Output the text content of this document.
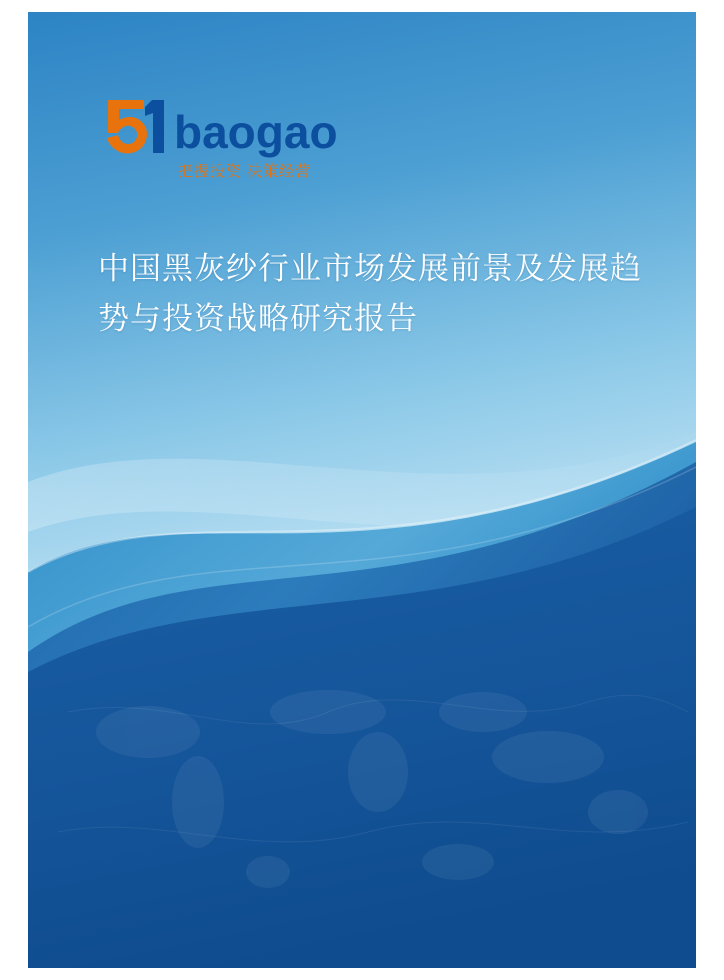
baogao
把握投资 决策经营
中国黑灰纱行业市场发展前景及发展趋势与投资战略研究报告
